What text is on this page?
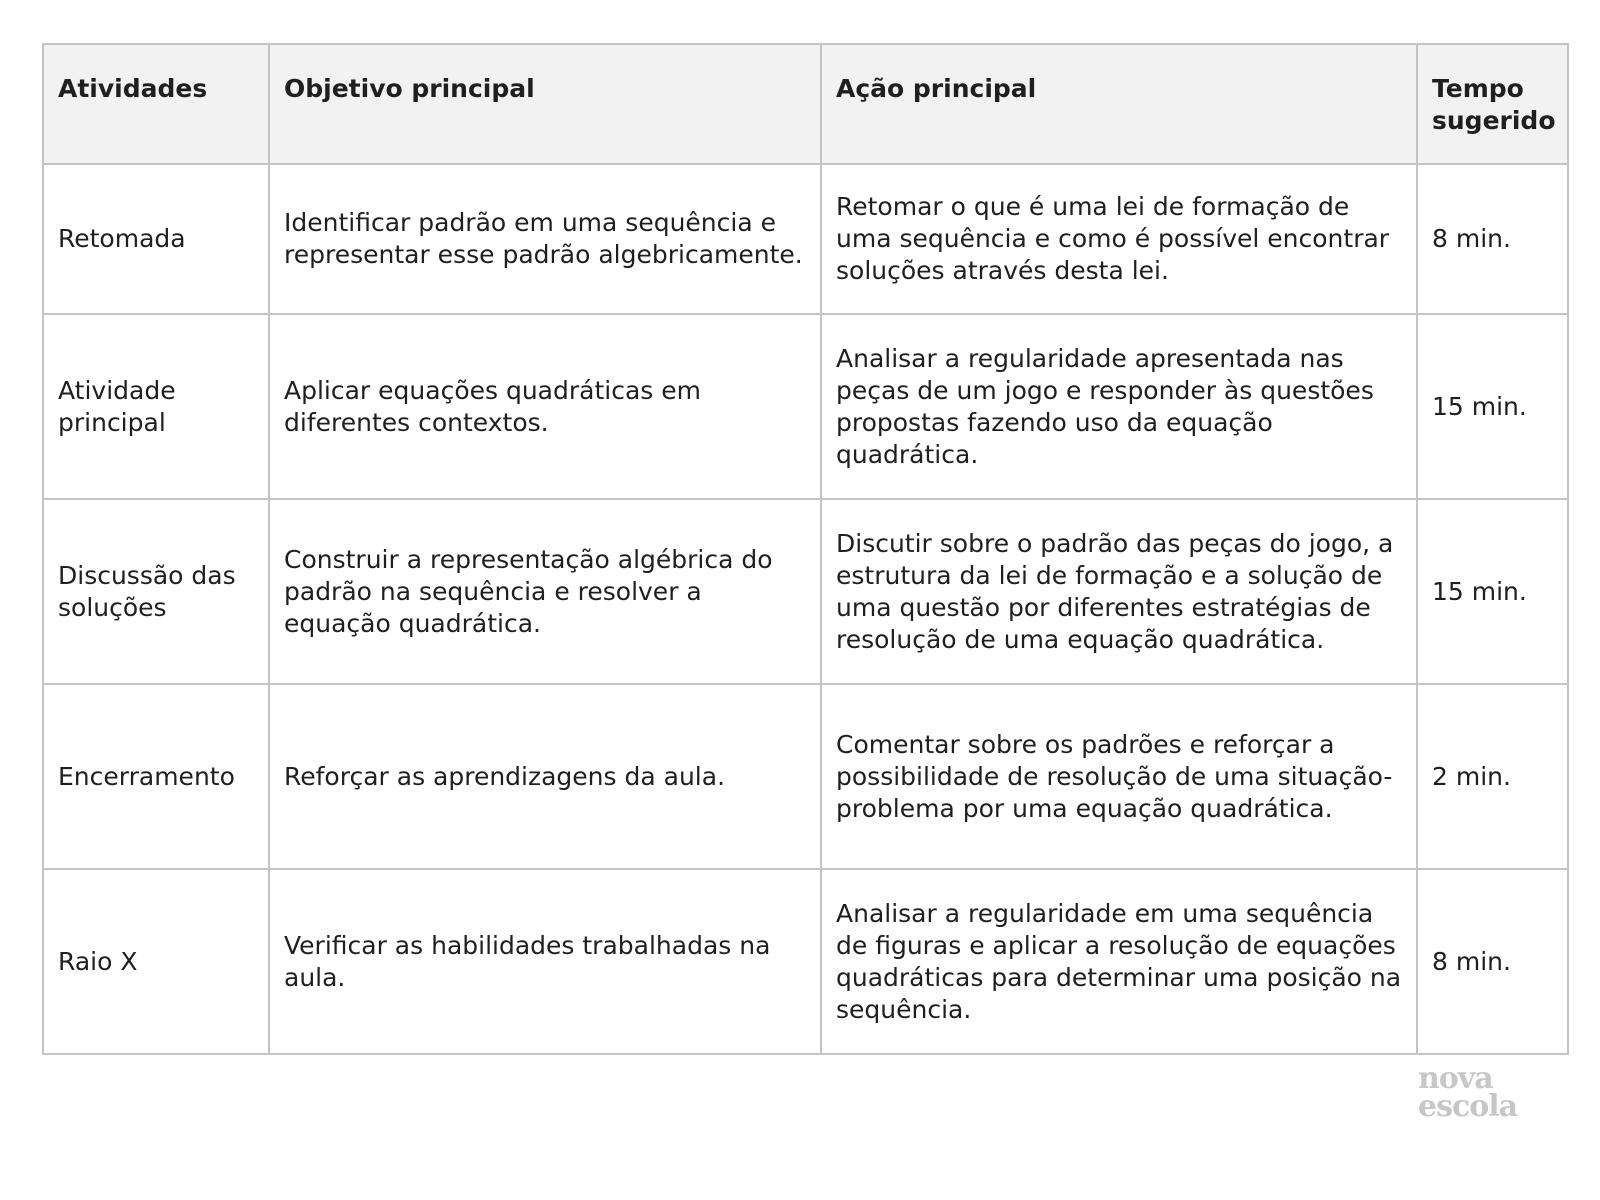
Atividades	Objetivo principal	Ação principal	Tempo sugerido
Retomada	Identificar padrão em uma sequência e representar esse padrão algebricamente.	Retomar o que é uma lei de formação de uma sequência e como é possível encontrar soluções através desta lei.	8 min.
Atividade principal	Aplicar equações quadráticas em diferentes contextos.	Analisar a regularidade apresentada nas peças de um jogo e responder às questões propostas fazendo uso da equação quadrática.	15 min.
Discussão das soluções	Construir a representação algébrica do padrão na sequência e resolver a equação quadrática.	Discutir sobre o padrão das peças do jogo, a estrutura da lei de formação e a solução de uma questão por diferentes estratégias de resolução de uma equação quadrática.	15 min.
Encerramento	Reforçar as aprendizagens da aula.	Comentar sobre os padrões e reforçar a possibilidade de resolução de uma situação-problema por uma equação quadrática.	2 min.
Raio X	Verificar as habilidades trabalhadas na aula.	Analisar a regularidade em uma sequência de figuras e aplicar a resolução de equações quadráticas para determinar uma posição na sequência.	8 min.
nova
escola
